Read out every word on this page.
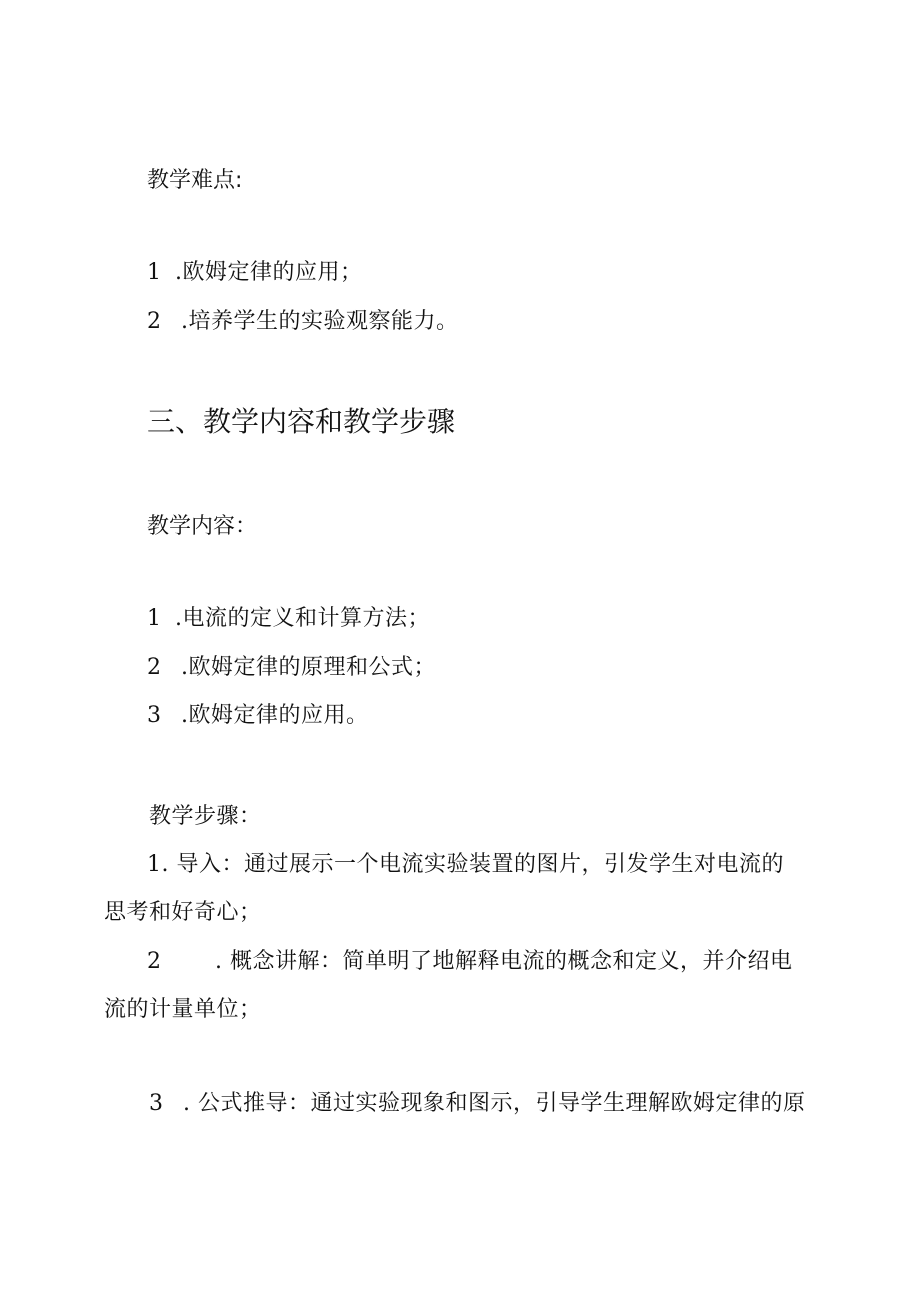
教学难点:
1 .欧姆定律的应用；
2 .培养学生的实验观察能力。
三、教学内容和教学步骤
教学内容：
1 .电流的定义和计算方法；
2 .欧姆定律的原理和公式；
3 .欧姆定律的应用。
教学步骤：
1. 导入：通过展示一个电流实验装置的图片，引发学生对电流的
思考和好奇心；
2 . 概念讲解：简单明了地解释电流的概念和定义，并介绍电
流的计量单位；
3 . 公式推导：通过实验现象和图示，引导学生理解欧姆定律的原
